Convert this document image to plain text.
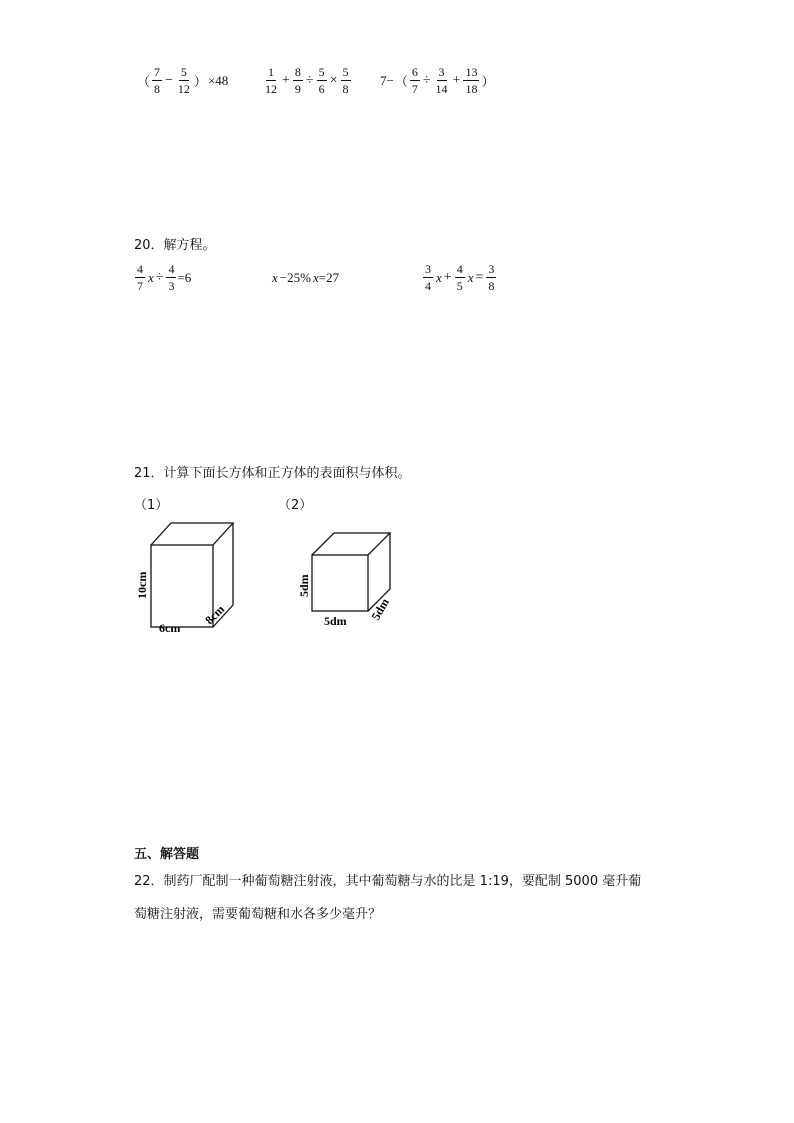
（ $\frac{7}{8} - \frac{5}{12}$ ） ×48	$\frac{1}{12} + \frac{8}{9} \div \frac{5}{6} \times \frac{5}{8} 7-$ （ $\frac{6}{7} \div \frac{3}{14} + \frac{13}{18}$ ）
20．解方程。
$\frac{4}{7}$ $x \div \frac{4}{3} =6$	x −25% x =27	$\frac{3}{4}$ $x + \frac{4}{5}$ $x = \frac{3}{8}$
21．计算下面长方体和正方体的表面积与体积。
（1）	（2）
10cm
6cm
8cm
5dm
5dm 5dm
五、解答题
22．制药厂配制一种葡萄糖注射液，其中葡萄糖与水的比是 1:19，要配制 5000 毫升葡
萄糖注射液，需要葡萄糖和水各多少毫升？
